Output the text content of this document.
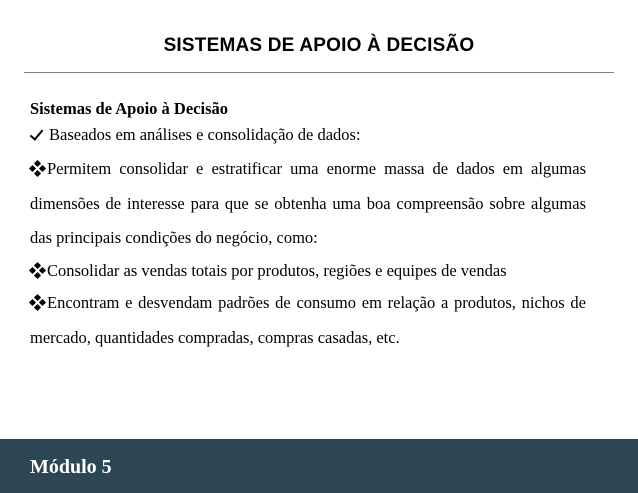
SISTEMAS DE APOIO À DECISÃO

Sistemas de Apoio à Decisão

Baseados em análises e consolidação de dados:

Permitem consolidar e estratificar uma enorme massa de dados em algumas dimensões de interesse para que se obtenha uma boa compreensão sobre algumas das principais condições do negócio, como:

Consolidar as vendas totais por produtos, regiões e equipes de vendas

Encontram e desvendam padrões de consumo em relação a produtos, nichos de mercado, quantidades compradas, compras casadas, etc.

Módulo 5
